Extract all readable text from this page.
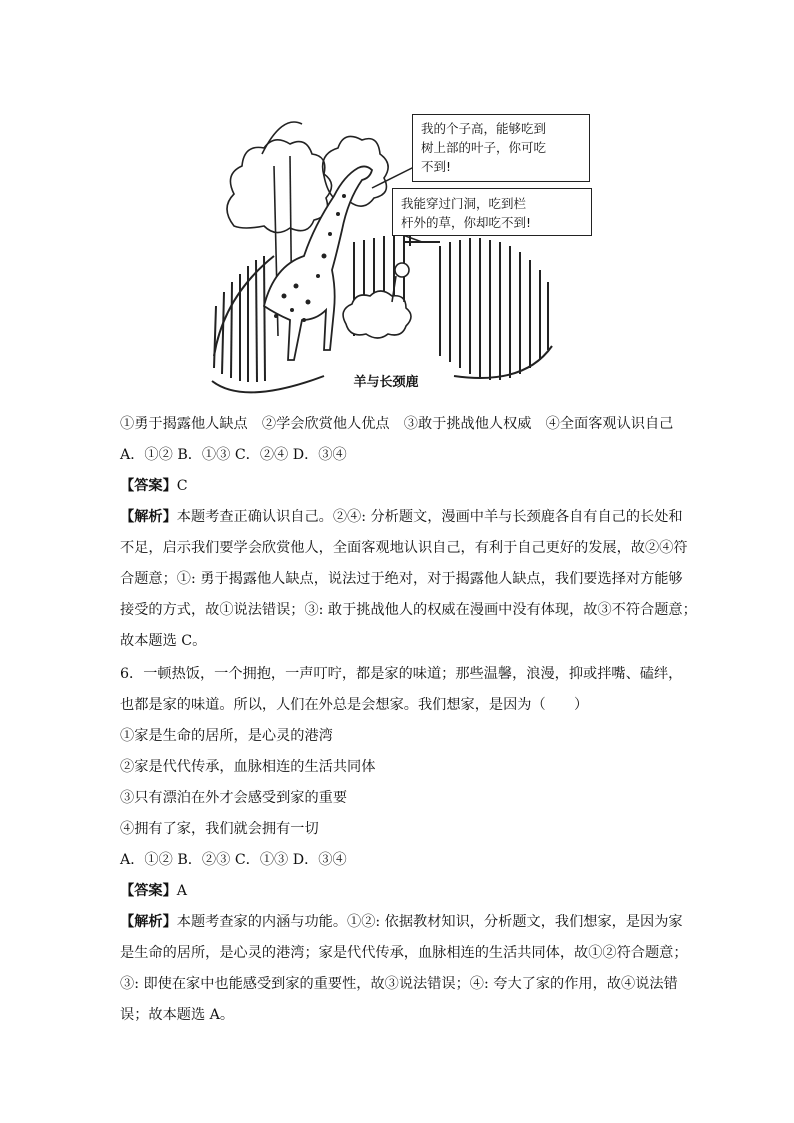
我的个子高，能够吃到
树上部的叶子，你可吃
不到!
我能穿过门洞，吃到栏
杆外的草，你却吃不到!
羊与长颈鹿
①勇于揭露他人缺点　②学会欣赏他人优点　③敢于挑战他人权威　④全面客观认识自己
A．①② B．①③ C．②④ D．③④
【答案】C
【解析】本题考查正确认识自己。②④: 分析题文，漫画中羊与长颈鹿各自有自己的长处和
不足，启示我们要学会欣赏他人，全面客观地认识自己，有利于自己更好的发展，故②④符
合题意；①: 勇于揭露他人缺点，说法过于绝对，对于揭露他人缺点，我们要选择对方能够
接受的方式，故①说法错误；③: 敢于挑战他人的权威在漫画中没有体现，故③不符合题意；
故本题选 C。
6．一顿热饭，一个拥抱，一声叮咛，都是家的味道；那些温馨，浪漫，抑或拌嘴、磕绊，
也都是家的味道。所以，人们在外总是会想家。我们想家，是因为（　　）
①家是生命的居所，是心灵的港湾
②家是代代传承，血脉相连的生活共同体
③只有漂泊在外才会感受到家的重要
④拥有了家，我们就会拥有一切
A．①② B．②③ C．①③ D．③④
【答案】A
【解析】本题考查家的内涵与功能。①②: 依据教材知识，分析题文，我们想家，是因为家
是生命的居所，是心灵的港湾；家是代代传承，血脉相连的生活共同体，故①②符合题意；
③: 即使在家中也能感受到家的重要性，故③说法错误；④: 夸大了家的作用，故④说法错
误；故本题选 A。
